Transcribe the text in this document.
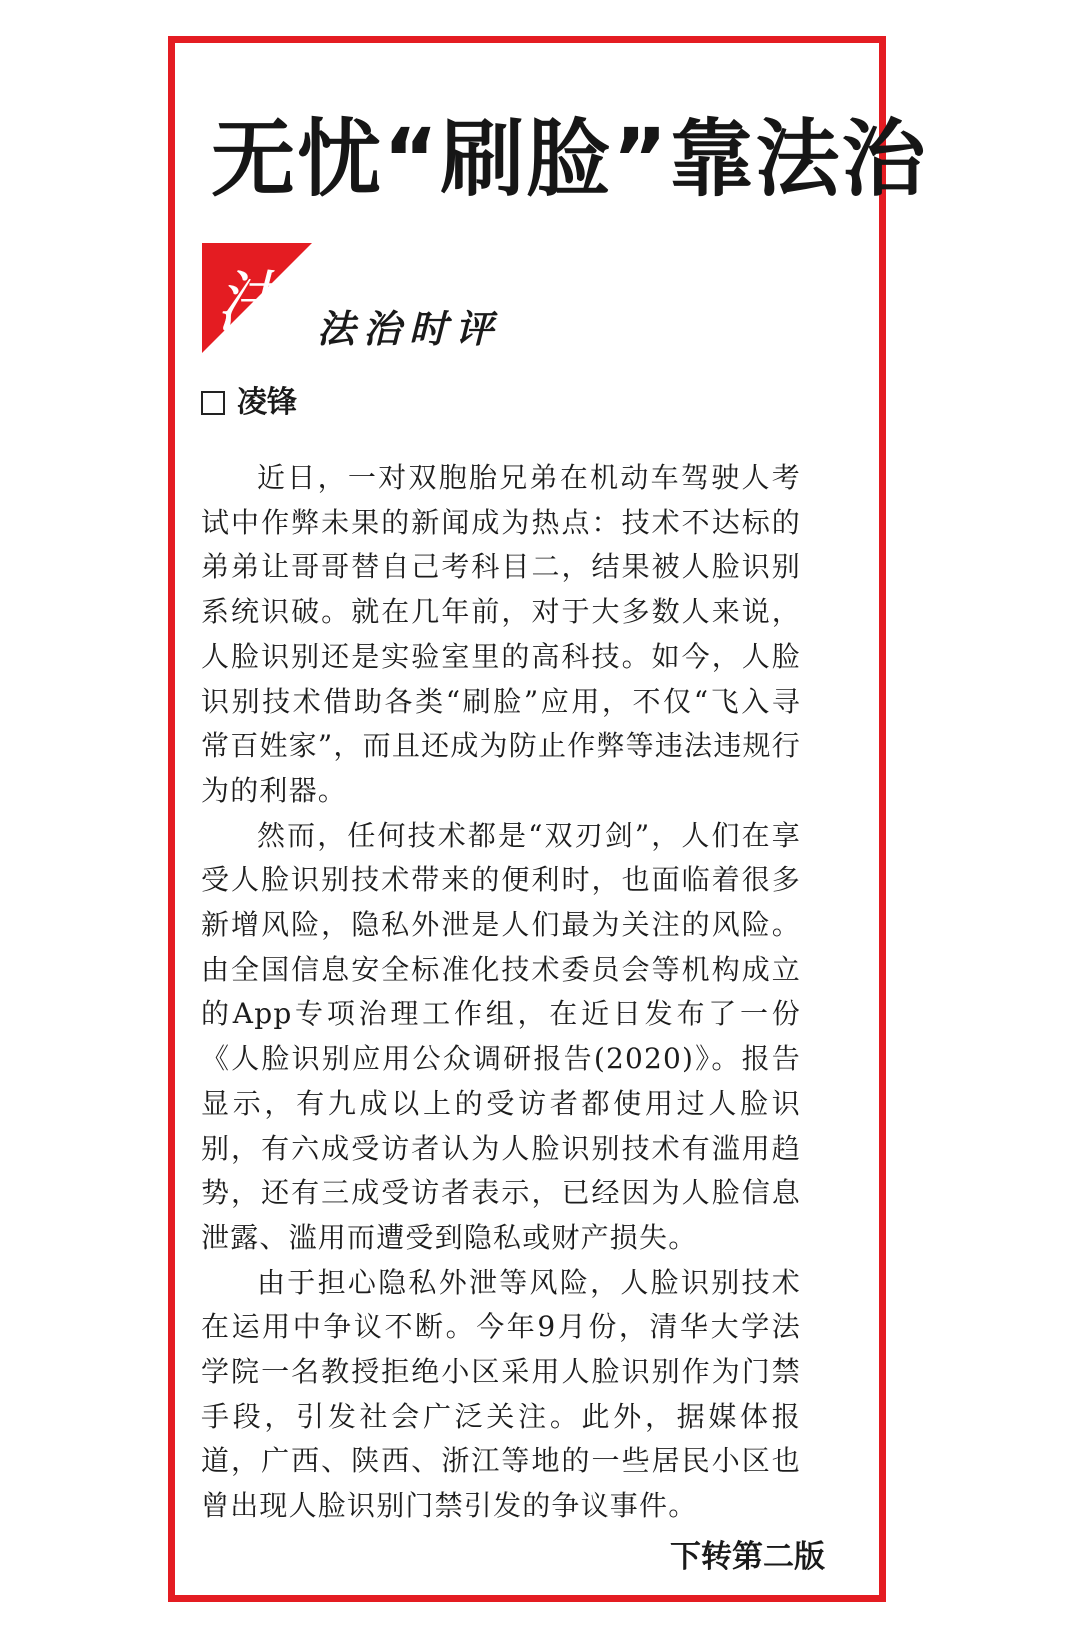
无忧“刷脸”靠法治
法 法治时评
凌锋

近日，一对双胞胎兄弟在机动车驾驶人考试中作弊未果的新闻成为热点：技术不达标的弟弟让哥哥替自己考科目二，结果被人脸识别系统识破。就在几年前，对于大多数人来说，人脸识别还是实验室里的高科技。如今，人脸识别技术借助各类“刷脸”应用，不仅“飞入寻常百姓家”，而且还成为防止作弊等违法违规行为的利器。

然而，任何技术都是“双刃剑”，人们在享受人脸识别技术带来的便利时，也面临着很多新增风险，隐私外泄是人们最为关注的风险。由全国信息安全标准化技术委员会等机构成立的App专项治理工作组，在近日发布了一份《人脸识别应用公众调研报告(2020)》。报告显示，有九成以上的受访者都使用过人脸识别，有六成受访者认为人脸识别技术有滥用趋势，还有三成受访者表示，已经因为人脸信息泄露、滥用而遭受到隐私或财产损失。

由于担心隐私外泄等风险，人脸识别技术在运用中争议不断。今年9月份，清华大学法学院一名教授拒绝小区采用人脸识别作为门禁手段，引发社会广泛关注。此外，据媒体报道，广西、陕西、浙江等地的一些居民小区也曾出现人脸识别门禁引发的争议事件。

下转第二版
